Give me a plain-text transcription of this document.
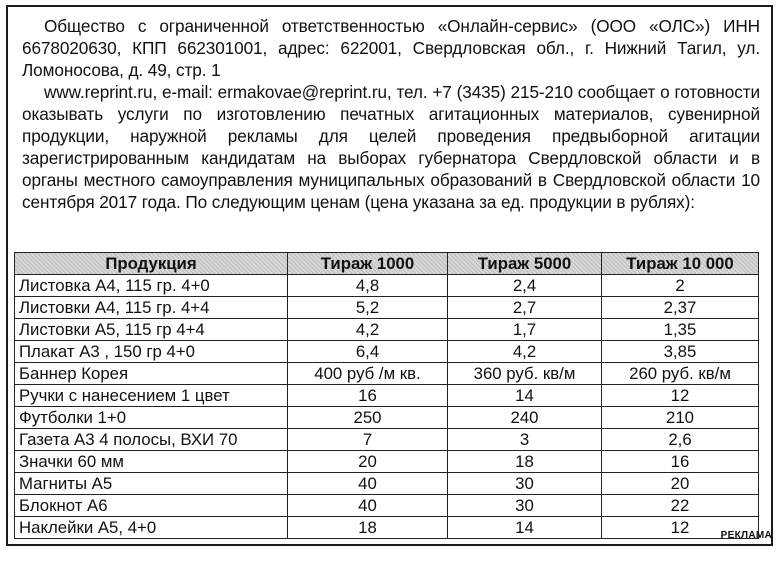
Общество с ограниченной ответственностью «Онлайн-сервис» (ООО «ОЛС») ИНН 6678020630, КПП 662301001, адрес: 622001, Свердловская обл., г. Нижний Тагил, ул. Ломоносова, д. 49, стр. 1

www.reprint.ru, e-mail: ermakovae@reprint.ru, тел. +7 (3435) 215-210 сообщает о готовности оказывать услуги по изготовлению печатных агитационных материалов, сувенирной продукции, наружной рекламы для целей проведения предвыборной агитации зарегистрированным кандидатам на выборах губернатора Свердловской области и в органы местного самоуправления муниципальных образований в Свердловской области 10 сентября 2017 года. По следующим ценам (цена указана за ед. продукции в рублях):

Продукция	Тираж 1000	Тираж 5000	Тираж 10 000
Листовка А4, 115 гр. 4+0	4,8	2,4	2
Листовки А4, 115 гр. 4+4	5,2	2,7	2,37
Листовки А5, 115 гр 4+4	4,2	1,7	1,35
Плакат А3 , 150 гр 4+0	6,4	4,2	3,85
Баннер Корея	400 руб /м кв.	360 руб. кв/м	260 руб. кв/м
Ручки с нанесением 1 цвет	16	14	12
Футболки 1+0	250	240	210
Газета А3 4 полосы, ВХИ 70	7	3	2,6
Значки 60 мм	20	18	16
Магниты А5	40	30	20
Блокнот А6	40	30	22
Наклейки А5, 4+0	18	14	12	РЕКЛАМА
